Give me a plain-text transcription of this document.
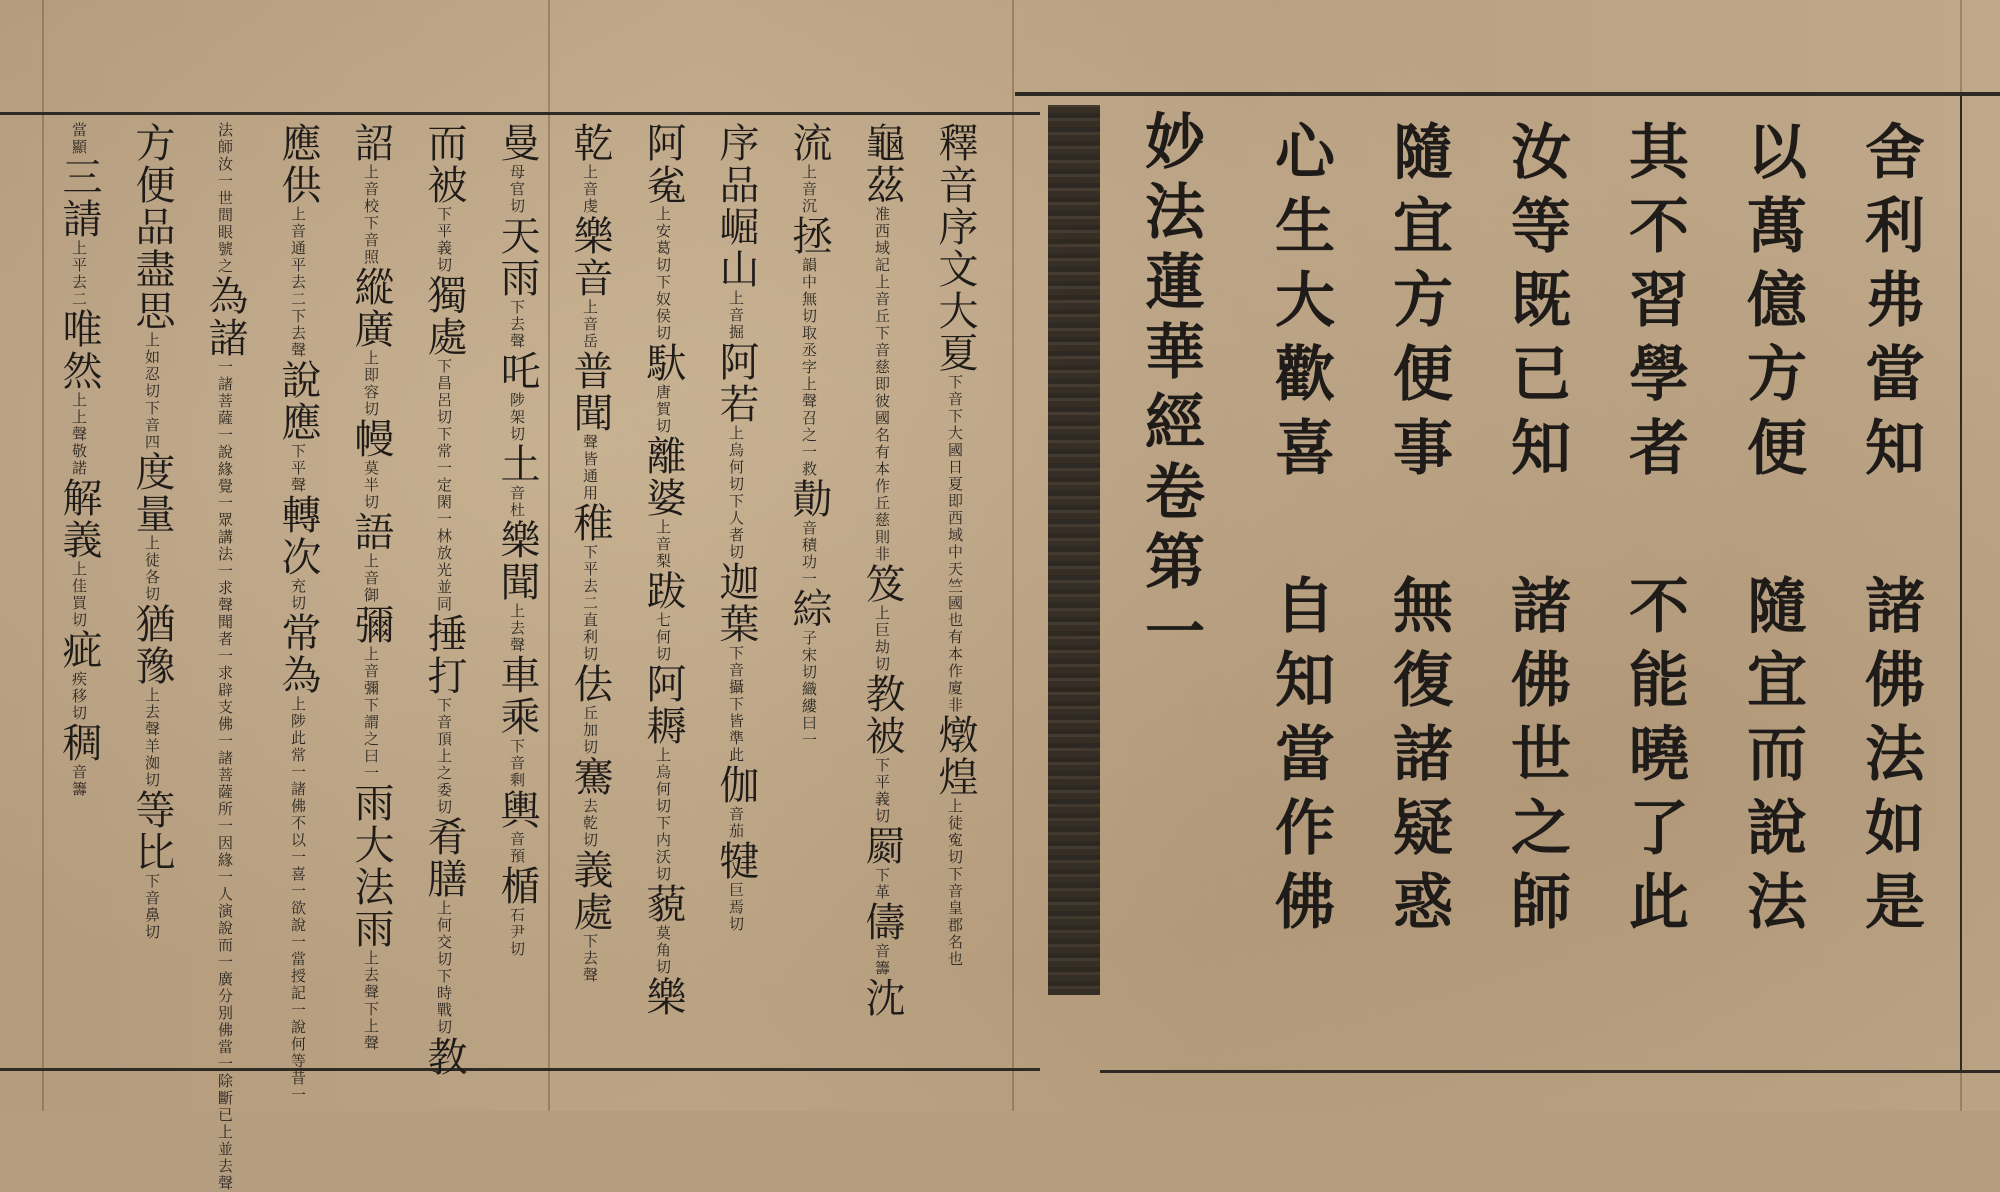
舍利弗當知 諸佛法如是
以萬億方便 隨宜而說法
其不習學者 不能曉了此
汝等既已知 諸佛世之師
隨宜方便事 無復諸疑惑
心生大歡喜 自知當作佛
妙法蓮華經卷第一
釋音序文大夏下音下大國日夏即西域中天竺國也有本作廈非燉煌上徒寃切下音皇郡名也
龜茲准西域記上音丘下音慈即彼國名有本作丘慈則非笈上巨劫切教被下平義切罽下革儔音籌沈
流上音沉拯韻中無切取丞字上聲召之一救勣音積功一綜子宋切織縷曰一
序品崛山上音掘阿若上烏何切下人者切迦葉下音攝下皆準此伽音茄犍巨焉切
阿㝹上安葛切下奴侯切馱唐賀切離婆上音梨跋七何切阿耨上烏何切下内沃切藐莫角切樂
乾上音虔樂音上音岳普聞聲皆通用稚下平去二直利切佉丘加切騫去乾切義處下去聲
曼母官切天雨下去聲吒陟架切土音杜樂聞上去聲車乘下音剩輿音預楯石尹切
而被下平義切獨處下昌呂切下常一定閑一林放光並同捶打下音頂上之委切肴膳上何交切下時戰切教
詔上音校下音照縱廣上即容切幔莫半切語上音御彌上音彌下謂之曰一雨大法雨上去聲下上聲
應供上音通平去二下去聲說應下平聲轉次充切常為上陟此常一諸佛不以一喜一欲說一當授記一說何等昔一
法師汝一世間眼號之為諸一諸菩薩一說緣覺一眾講法一求聲聞者一求辟支佛一諸菩薩所一因緣一人演說而一廣分別佛當一除斷已上並去聲
方便品盡思上如忍切下音四度量上徒各切猶豫上去聲羊洳切等比下音鼻切
當顯三請上平去二唯然上上聲敬諾解義上佳買切疵疾移切稠音籌
